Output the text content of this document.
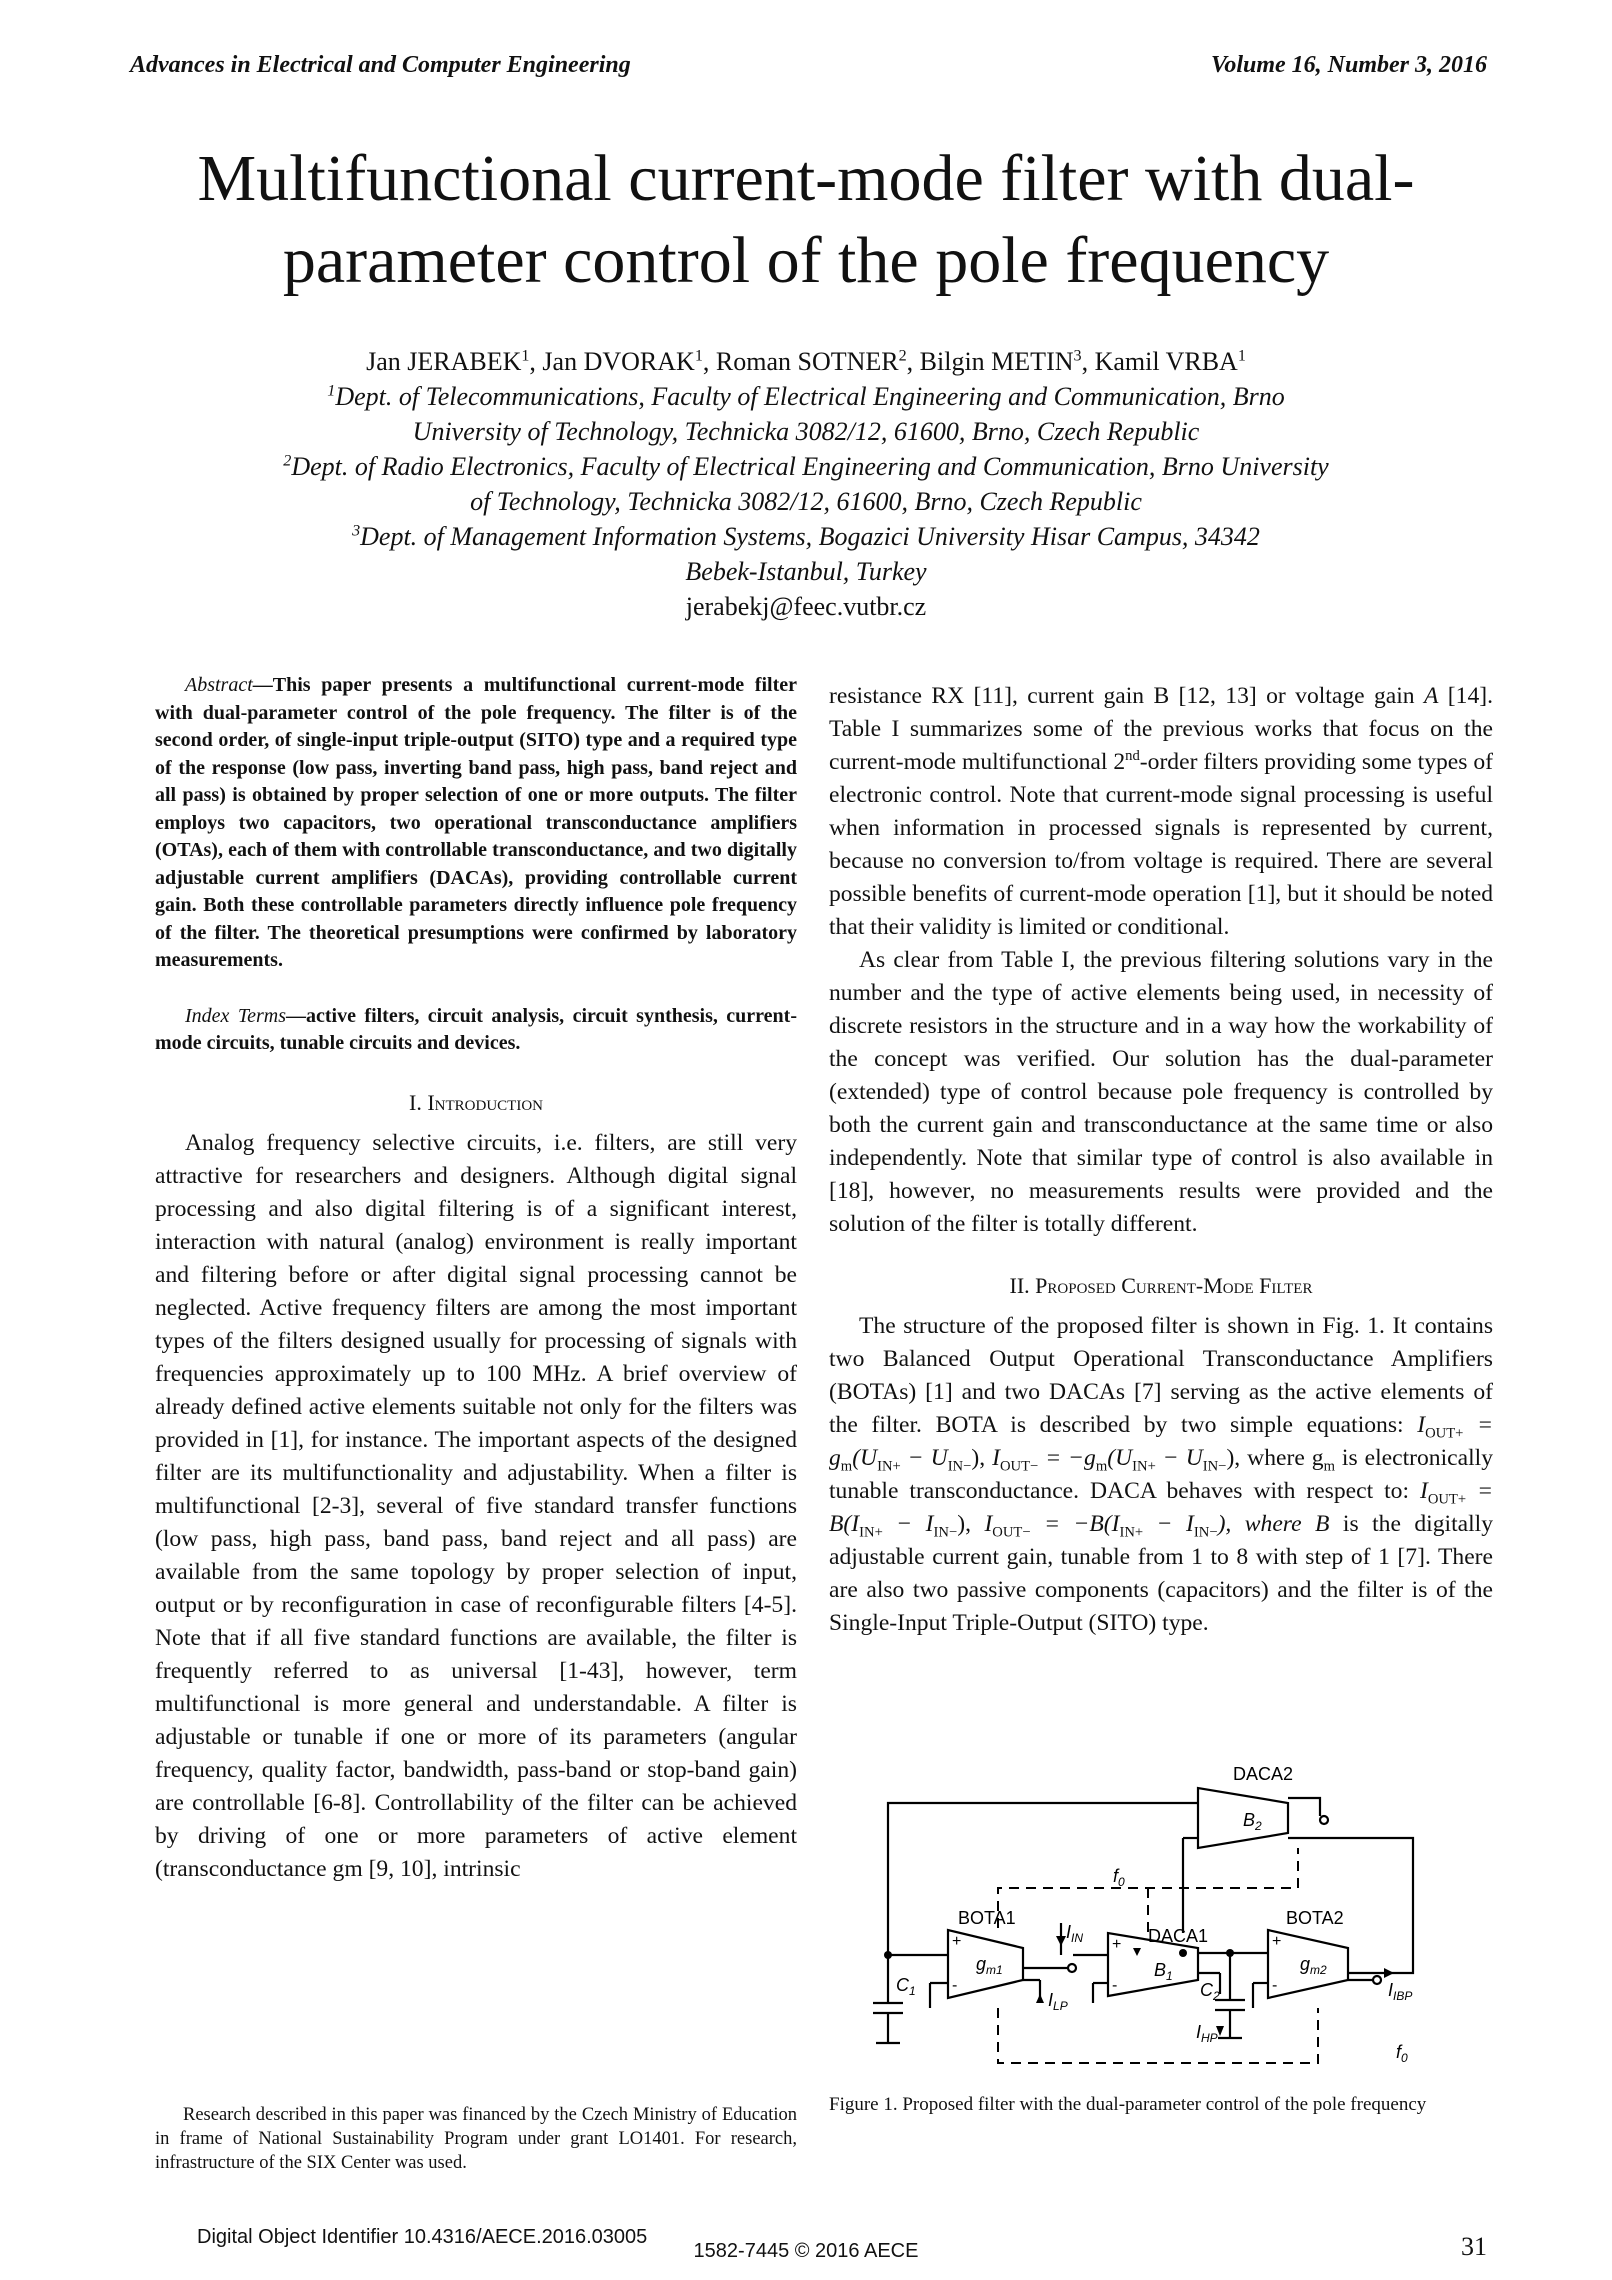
Advances in Electrical and Computer Engineering	Volume 16, Number 3, 2016
Multifunctional current-mode filter with dual-
parameter control of the pole frequency
Jan JERABEK$^1$, Jan DVORAK$^1$, Roman SOTNER$^2$, Bilgin METIN$^3$, Kamil VRBA$^1$
$^1$Dept. of Telecommunications, Faculty of Electrical Engineering and Communication, Brno
University of Technology, Technicka 3082/12, 61600, Brno, Czech Republic
$^2$Dept. of Radio Electronics, Faculty of Electrical Engineering and Communication, Brno University
of Technology, Technicka 3082/12, 61600, Brno, Czech Republic
$^3$Dept. of Management Information Systems, Bogazici University Hisar Campus, 34342
Bebek-Istanbul, Turkey
jerabekj@feec.vutbr.cz

Abstract—This paper presents a multifunctional current-mode filter with dual-parameter control of the pole frequency. The filter is of the second order, of single-input triple-output (SITO) type and a required type of the response (low pass, inverting band pass, high pass, band reject and all pass) is obtained by proper selection of one or more outputs. The filter employs two capacitors, two operational transconductance amplifiers (OTAs), each of them with controllable transconductance, and two digitally adjustable current amplifiers (DACAs), providing controllable current gain. Both these controllable parameters directly influence pole frequency of the filter. The theoretical presumptions were confirmed by laboratory measurements.

Index Terms—active filters, circuit analysis, circuit synthesis, current-mode circuits, tunable circuits and devices.

I. Introduction

Analog frequency selective circuits, i.e. filters, are still very attractive for researchers and designers. Although digital signal processing and also digital filtering is of a significant interest, interaction with natural (analog) environment is really important and filtering before or after digital signal processing cannot be neglected. Active frequency filters are among the most important types of the filters designed usually for processing of signals with frequencies approximately up to 100 MHz. A brief overview of already defined active elements suitable not only for the filters was provided in [1], for instance. The important aspects of the designed filter are its multifunctionality and adjustability. When a filter is multifunctional [2-3], several of five standard transfer functions (low pass, high pass, band pass, band reject and all pass) are available from the same topology by proper selection of input, output or by reconfiguration in case of reconfigurable filters [4-5]. Note that if all five standard functions are available, the filter is frequently referred to as universal [1-43], however, term multifunctional is more general and understandable. A filter is adjustable or tunable if one or more of its parameters (angular frequency, quality factor, bandwidth, pass-band or stop-band gain) are controllable [6-8]. Controllability of the filter can be achieved by driving of one or more parameters of active element (transconductance gm [9, 10], intrinsic

Research described in this paper was financed by the Czech Ministry of Education in frame of National Sustainability Program under grant LO1401. For research, infrastructure of the SIX Center was used.

resistance RX [11], current gain B [12, 13] or voltage gain A [14]. Table I summarizes some of the previous works that focus on the current-mode multifunctional 2nd-order filters providing some types of electronic control. Note that current-mode signal processing is useful when information in processed signals is represented by current, because no conversion to/from voltage is required. There are several possible benefits of current-mode operation [1], but it should be noted that their validity is limited or conditional.

As clear from Table I, the previous filtering solutions vary in the number and the type of active elements being used, in necessity of discrete resistors in the structure and in a way how the workability of the concept was verified. Our solution has the dual-parameter (extended) type of control because pole frequency is controlled by both the current gain and transconductance at the same time or also independently. Note that similar type of control is also available in [18], however, no measurements results were provided and the solution of the filter is totally different.

II. Proposed Current-Mode Filter

The structure of the proposed filter is shown in Fig. 1. It contains two Balanced Output Operational Transconductance Amplifiers (BOTAs) [1] and two DACAs [7] serving as the active elements of the filter. BOTA is described by two simple equations: $I_{OUT+} = g_m(U_{IN+} - U_{IN-})$, $I_{OUT-} = -g_m(U_{IN+} - U_{IN-})$, where $g_m$ is electronically tunable transconductance. DACA behaves with respect to: $I_{OUT+} = B(I_{IN+} - I_{IN-})$, $I_{OUT-} = -B(I_{IN+} - I_{IN-})$, where B is the digitally adjustable current gain, tunable from 1 to 8 with step of 1 [7]. There are also two passive components (capacitors) and the filter is of the Single-Input Triple-Output (SITO) type.

DACA2
$B_2$
BOTA1	BOTA2
DACA1
$g_{m1}$	$g_{m2}$
$B_1$
$C_1$	$C_2$
$I_{IN}$
$I_{LP}$
$I_{HP}$
$I_{IBP}$
$f_0$
$f_0$
+
-
+
-
+
-
Figure 1. Proposed filter with the dual-parameter control of the pole frequency
Digital Object Identifier 10.4316/AECE.2016.03005	31
1582-7445 © 2016 AECE
